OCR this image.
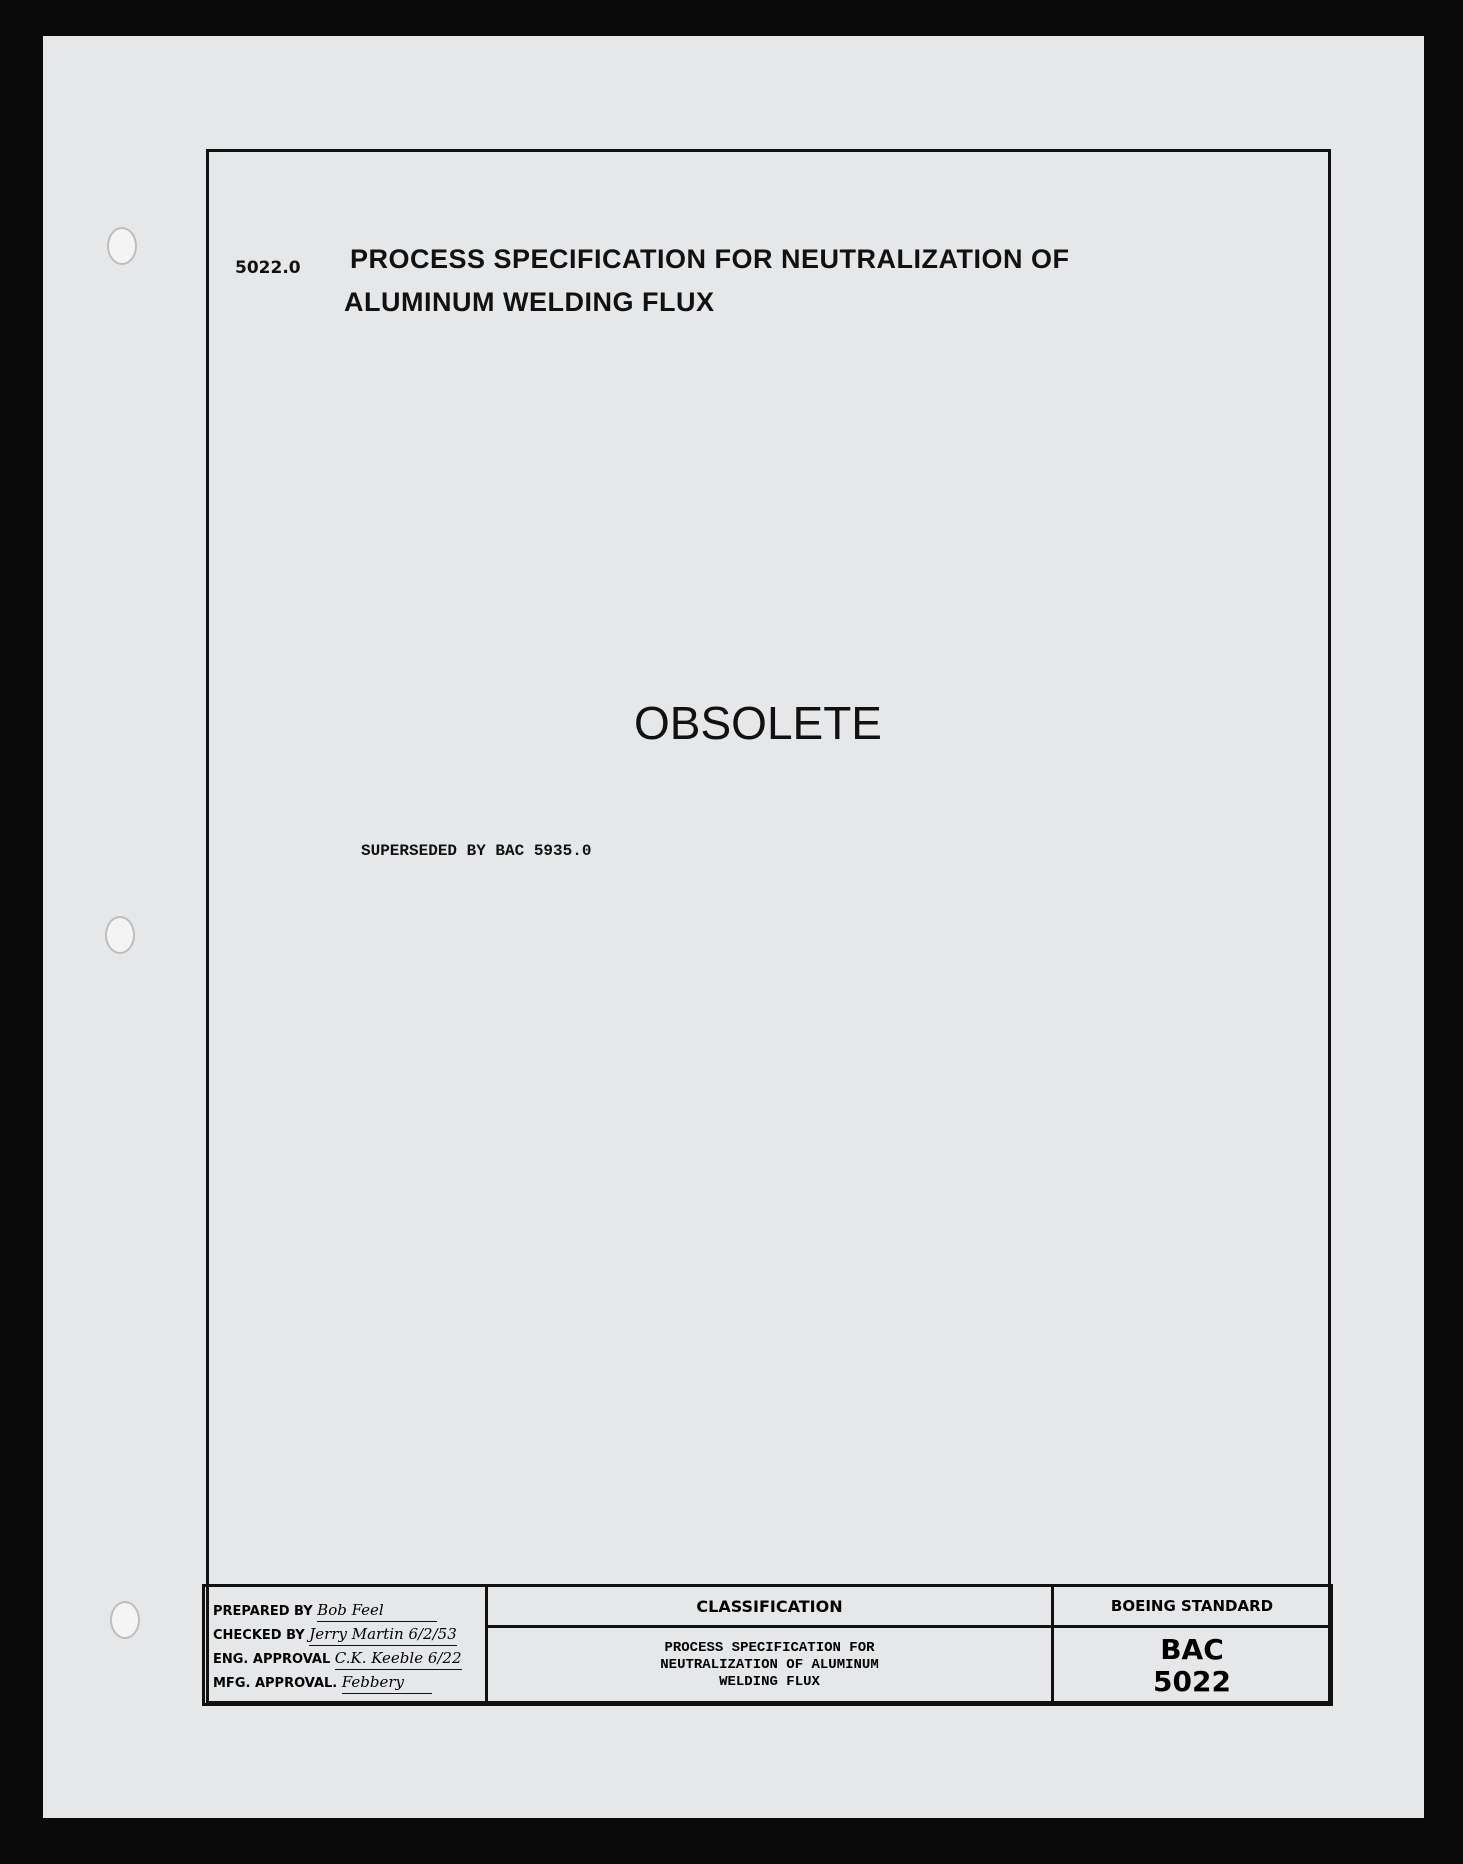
5022.0 PROCESS SPECIFICATION FOR NEUTRALIZATION OF
ALUMINUM WELDING FLUX
OBSOLETE
SUPERSEDED BY BAC 5935.0
PREPARED BY Bob Feel
CHECKED BY Jerry Martin 6/2/53
ENG. APPROVAL C.K. Keeble 6/22
MFG. APPROVAL. Febbery
CLASSIFICATION
PROCESS SPECIFICATION FOR
NEUTRALIZATION OF ALUMINUM
WELDING FLUX
BOEING STANDARD
BAC
5022
